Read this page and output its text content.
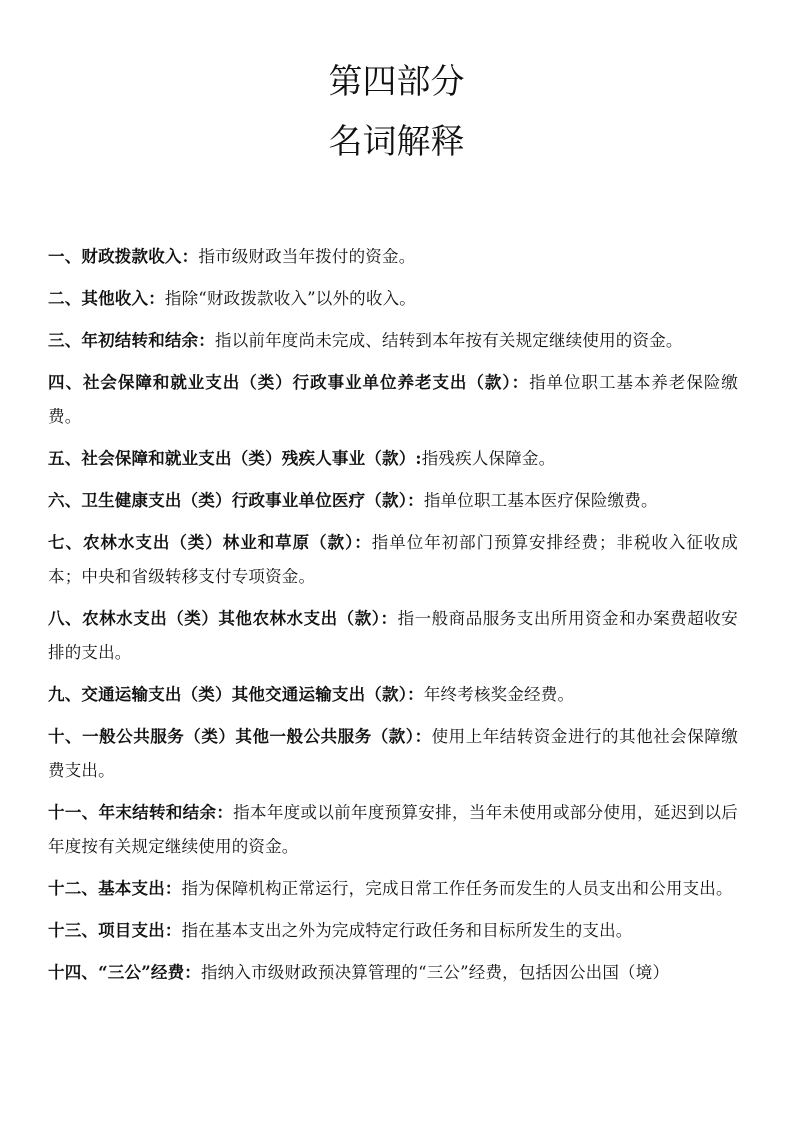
第四部分
名词解释

一、财政拨款收入：指市级财政当年拨付的资金。

二、其他收入：指除“财政拨款收入”以外的收入。

三、年初结转和结余：指以前年度尚未完成、结转到本年按有关规定继续使用的资金。

四、社会保障和就业支出（类）行政事业单位养老支出（款）：指单位职工基本养老保险缴费。

五、社会保障和就业支出（类）残疾人事业（款）:指残疾人保障金。

六、卫生健康支出（类）行政事业单位医疗（款）：指单位职工基本医疗保险缴费。

七、农林水支出（类）林业和草原（款）：指单位年初部门预算安排经费；非税收入征收成本；中央和省级转移支付专项资金。

八、农林水支出（类）其他农林水支出（款）：指一般商品服务支出所用资金和办案费超收安排的支出。

九、交通运输支出（类）其他交通运输支出（款）：年终考核奖金经费。

十、一般公共服务（类）其他一般公共服务（款）：使用上年结转资金进行的其他社会保障缴费支出。

十一、年末结转和结余：指本年度或以前年度预算安排，当年未使用或部分使用，延迟到以后年度按有关规定继续使用的资金。

十二、基本支出：指为保障机构正常运行，完成日常工作任务而发生的人员支出和公用支出。

十三、项目支出：指在基本支出之外为完成特定行政任务和目标所发生的支出。

十四、“三公”经费：指纳入市级财政预决算管理的“三公”经费，包括因公出国（境）
